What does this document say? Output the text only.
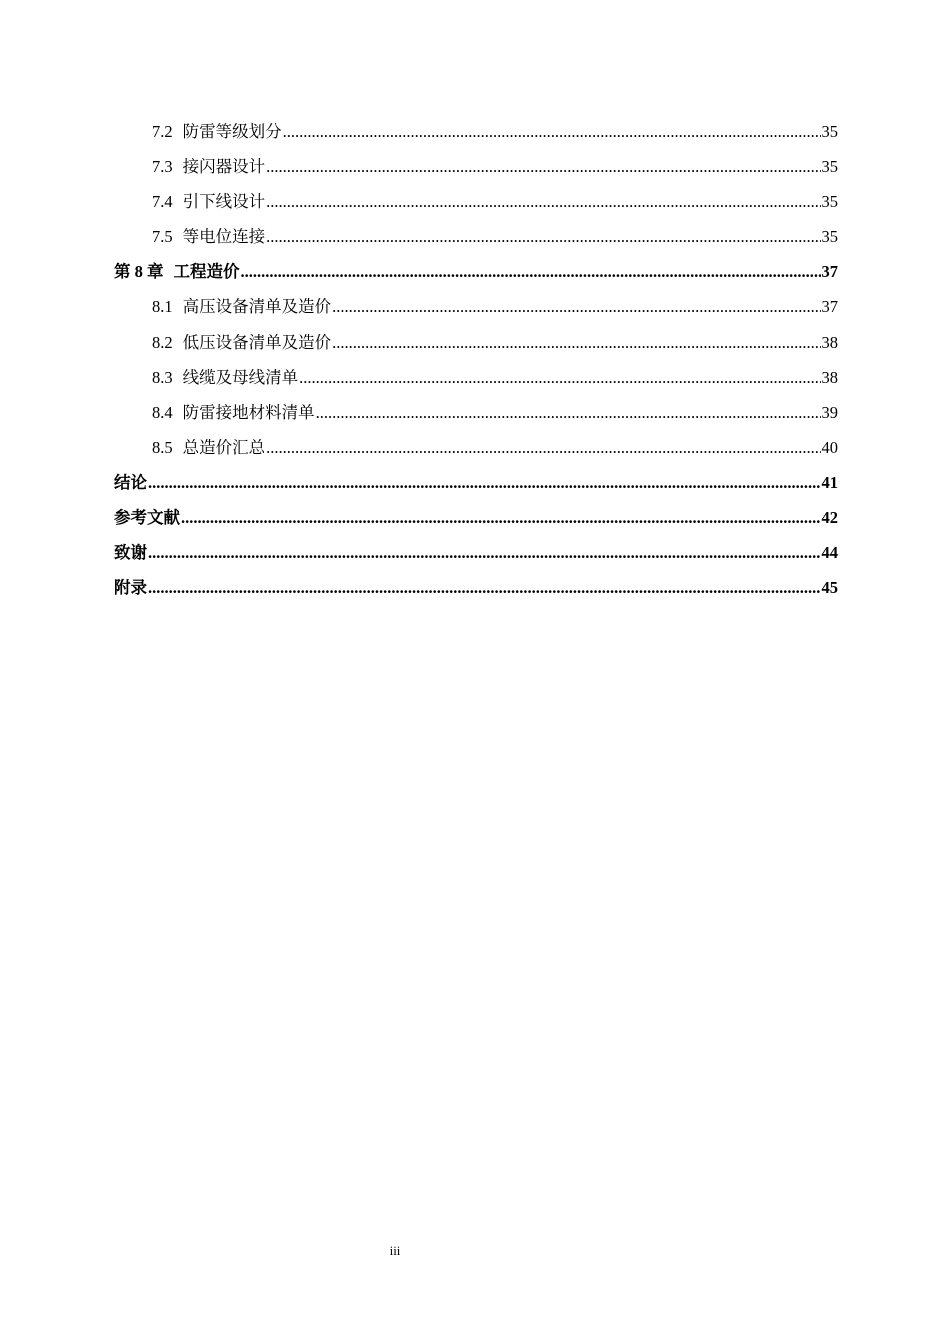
7.2 防雷等级划分 .....	35
7.3 接闪器设计 .....	35
7.4 引下线设计 .....	35
7.5 等电位连接 .....	35
第 8 章 工程造价 .....	37
8.1 高压设备清单及造价 .....	37
8.2 低压设备清单及造价 .....	38
8.3 线缆及母线清单 .....	38
8.4 防雷接地材料清单 .....	39
8.5 总造价汇总 .....	40
结论 .....	41
参考文献 .....	42
致谢 .....	44
附录 .....	45
iii
